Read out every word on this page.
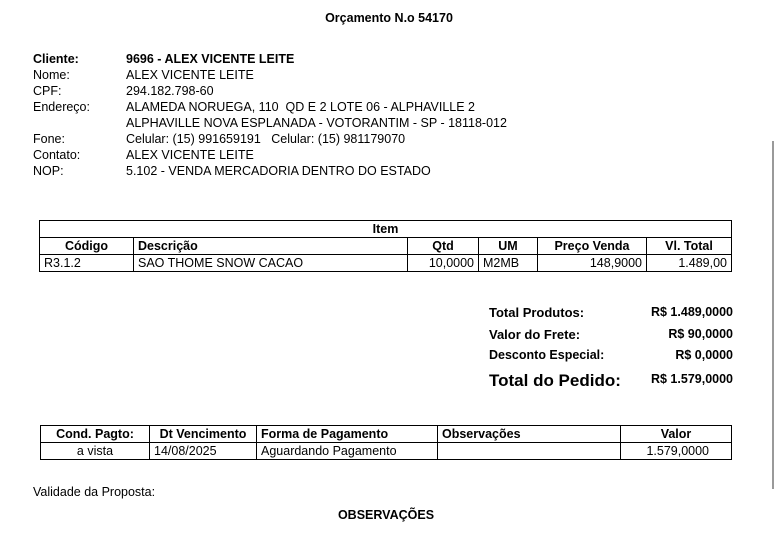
Orçamento N.o 54170
Cliente:	9696 - ALEX VICENTE LEITE
Nome:	ALEX VICENTE LEITE
CPF:	294.182.798-60
Endereço:	ALAMEDA NORUEGA, 110  QD E 2 LOTE 06 - ALPHAVILLE 2
ALPHAVILLE NOVA ESPLANADA - VOTORANTIM - SP - 18118-012
Fone:	Celular: (15) 991659191   Celular: (15) 981179070
Contato:	ALEX VICENTE LEITE
NOP:	5.102 - VENDA MERCADORIA DENTRO DO ESTADO
Item					
Código	Descrição	Qtd	UM	Preço Venda	Vl. Total
R3.1.2	SAO THOME SNOW CACAO	10,0000	M2MB	148,9000	1.489,00
Total Produtos:	R$ 1.489,0000
Valor do Frete:	R$ 90,0000
Desconto Especial:	R$ 0,0000
Total do Pedido: R$ 1.579,0000
Cond. Pagto:	Dt Vencimento	Forma de Pagamento	Observações	Valor
a vista	14/08/2025	Aguardando Pagamento		1.579,0000
Validade da Proposta:
OBSERVAÇÕES
